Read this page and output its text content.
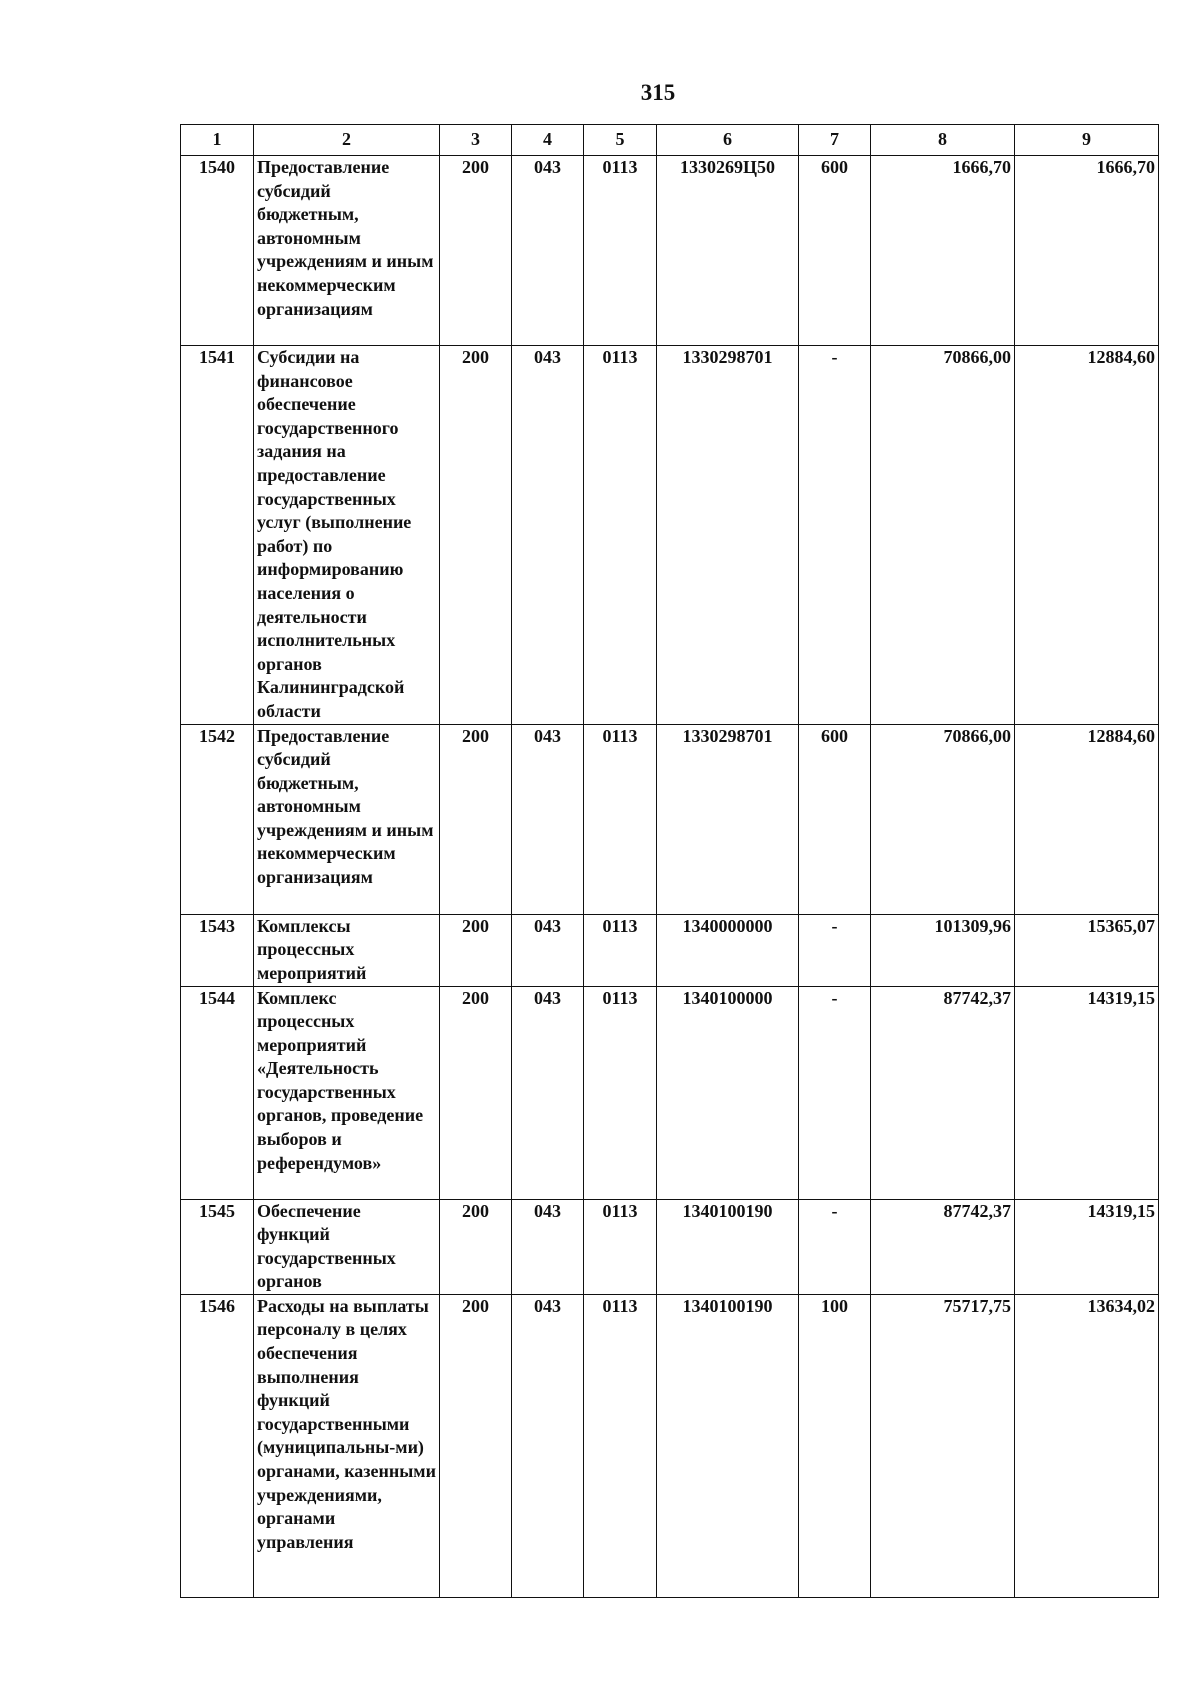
315
1	2	3	4	5	6	7	8	9
1540	Предоставление субсидий бюджетным, автономным учреждениям и иным некоммерческим организациям	200	043	0113	1330269Ц50	600	1666,70	1666,70
1541	Субсидии на финансовое обеспечение государственного задания на предоставление государственных услуг (выполнение работ) по информированию населения о деятельности исполнительных органов Калининградской области	200	043	0113	1330298701	-	70866,00	12884,60
1542	Предоставление субсидий бюджетным, автономным учреждениям и иным некоммерческим организациям	200	043	0113	1330298701	600	70866,00	12884,60
1543	Комплексы процессных мероприятий	200	043	0113	1340000000	-	101309,96	15365,07
1544	Комплекс процессных мероприятий «Деятельность государственных органов, проведение выборов и референдумов»	200	043	0113	1340100000	-	87742,37	14319,15
1545	Обеспечение функций государственных органов	200	043	0113	1340100190	-	87742,37	14319,15
1546	Расходы на выплаты персоналу в целях обеспечения выполнения функций государственными (муниципальны-ми) органами, казенными учреждениями, органами управления	200	043	0113	1340100190	100	75717,75	13634,02
